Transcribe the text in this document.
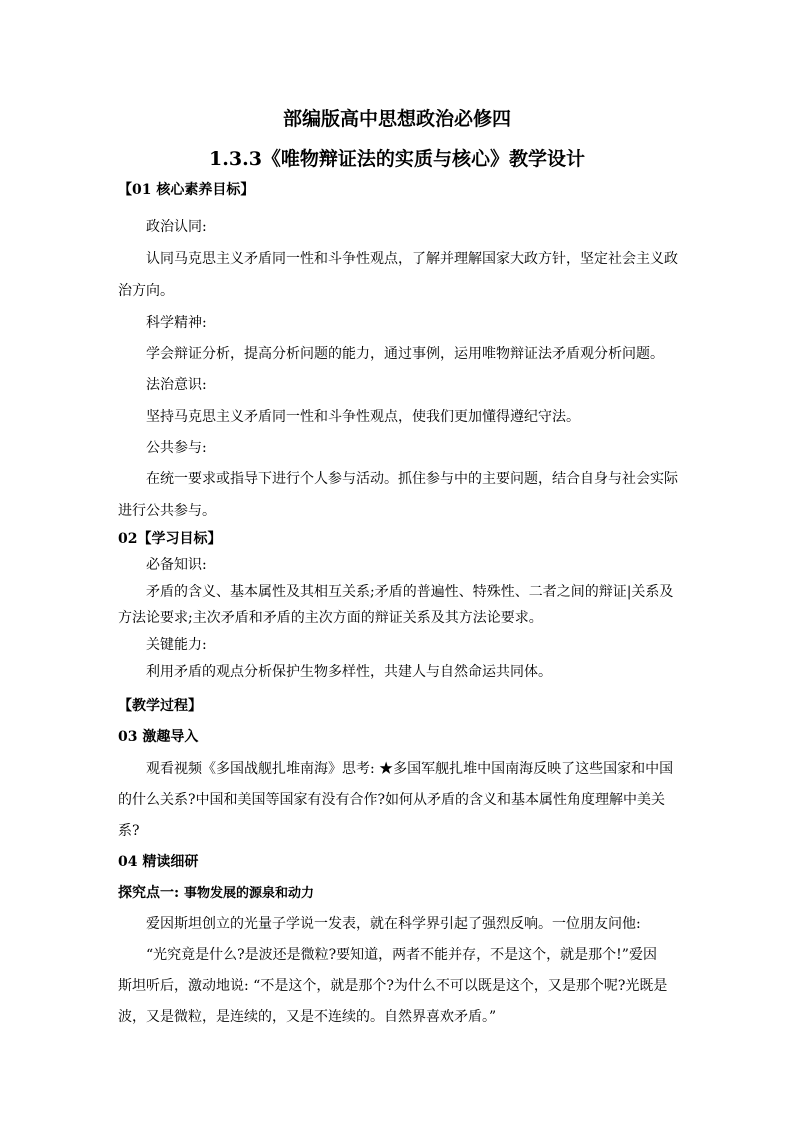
部编版高中思想政治必修四
1.3.3《唯物辩证法的实质与核心》教学设计
【01 核心素养目标】
政治认同:
认同马克思主义矛盾同一性和斗争性观点，了解并理解国家大政方针，坚定社会主义政
治方向。
科学精神:
学会辩证分析，提高分析问题的能力，通过事例，运用唯物辩证法矛盾观分析问题。
法治意识:
坚持马克思主义矛盾同一性和斗争性观点，使我们更加懂得遵纪守法。
公共参与:
在统一要求或指导下进行个人参与活动。抓住参与中的主要问题，结合自身与社会实际
进行公共参与。
02【学习目标】
必备知识:
矛盾的含义、基本属性及其相互关系;矛盾的普遍性、特殊性、二者之间的辩证|关系及
方法论要求;主次矛盾和矛盾的主次方面的辩证关系及其方法论要求。
关键能力:
利用矛盾的观点分析保护生物多样性，共建人与自然命运共同体。
【教学过程】
03 激趣导入
观看视频《多国战舰扎堆南海》思考: ★多国军舰扎堆中国南海反映了这些国家和中国
的什么关系?中国和美国等国家有没有合作?如何从矛盾的含义和基本属性角度理解中美关
系?
04 精读细研
探究点一: 事物发展的源泉和动力
爱因斯坦创立的光量子学说一发表，就在科学界引起了强烈反响。一位朋友问他:
“光究竟是什么?是波还是微粒?要知道，两者不能并存，不是这个，就是那个!”爱因
斯坦听后，激动地说: “不是这个，就是那个?为什么不可以既是这个，又是那个呢?光既是
波，又是微粒，是连续的，又是不连续的。自然界喜欢矛盾。”
